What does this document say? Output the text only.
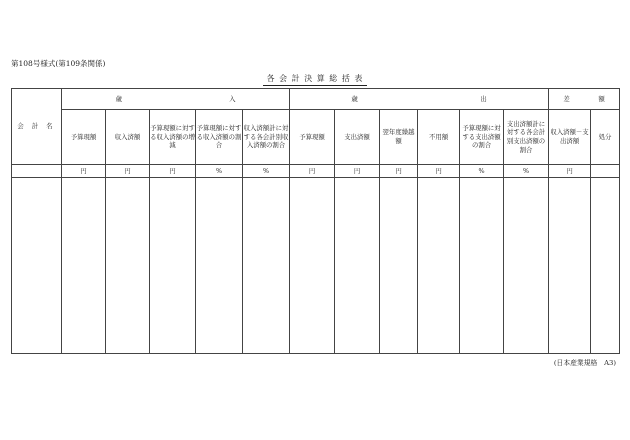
第108号様式(第109条関係)
各 会 計 決 算 総 括 表
会 計 名	歳 入					歳 出						差 額	

	予算現額	収入済額	予算現額に対する収入済額の増減	予算現額に対する収入済額の割合	収入済額計に対する各会計別収入済額の割合	予算現額	支出済額	翌年度繰越額	不用額	予算現額に対する支出済額の割合	支出済額計に対する各会計別支出済額の割合	収入済額－支出済額	処分
	円	円	円	%	%	円	円	円	円	%	%	円	

(日本産業規格　A3)
